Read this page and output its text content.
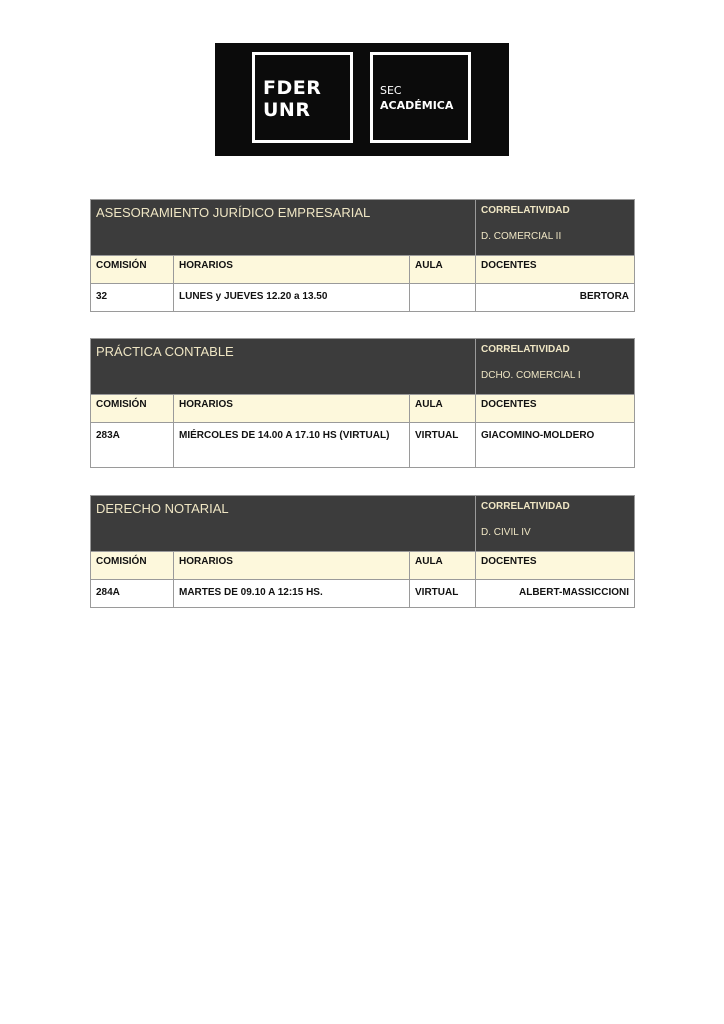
FDER
UNR
SEC
ACADÉMICA
ASESORAMIENTO JURÍDICO EMPRESARIAL			CORRELATIVIDAD
D. COMERCIAL II

COMISIÓN	HORARIOS	AULA	DOCENTES
32	LUNES y JUEVES 12.20 a 13.50		BERTORA
PRÁCTICA CONTABLE			CORRELATIVIDAD
DCHO. COMERCIAL I

COMISIÓN	HORARIOS	AULA	DOCENTES
283A	MIÉRCOLES DE 14.00 A 17.10 HS (VIRTUAL)	VIRTUAL	GIACOMINO-MOLDERO
DERECHO NOTARIAL			CORRELATIVIDAD
D. CIVIL IV

COMISIÓN	HORARIOS	AULA	DOCENTES
284A	MARTES DE 09.10 A 12:15 HS.	VIRTUAL	ALBERT-MASSICCIONI
